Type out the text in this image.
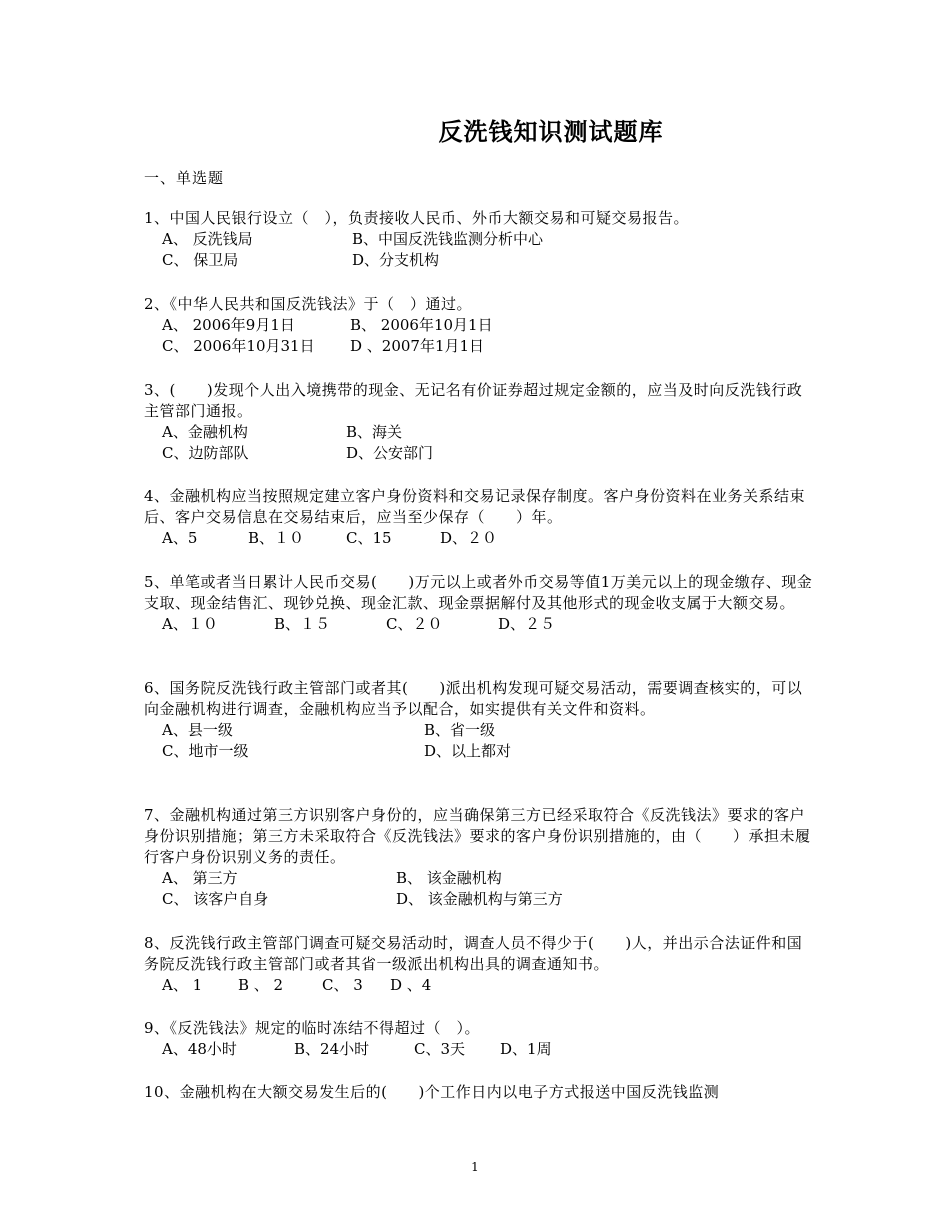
反洗钱知识测试题库
一、单选题
1、中国人民银行设立（　），负责接收人民币、外币大额交易和可疑交易报告。
A、 反洗钱局	B、中国反洗钱监测分析中心
C、 保卫局	D、分支机构
2、《中华人民共和国反洗钱法》于（　）通过。
A、 2006年9月1日	B、 2006年10月1日
C、 2006年10月31日	D 、2007年1月1日
3、(　　)发现个人出入境携带的现金、无记名有价证券超过规定金额的，应当及时向反洗钱行政主管部门通报。
A、金融机构	B、海关
C、边防部队	D、公安部门
4、金融机构应当按照规定建立客户身份资料和交易记录保存制度。客户身份资料在业务关系结束后、客户交易信息在交易结束后，应当至少保存（　　）年。
A、5	B、１０	C、15	D、２０
5、单笔或者当日累计人民币交易(　　)万元以上或者外币交易等值1万美元以上的现金缴存、现金支取、现金结售汇、现钞兑换、现金汇款、现金票据解付及其他形式的现金收支属于大额交易。
A、１０	B、１５	C、２０	D、２５
6、国务院反洗钱行政主管部门或者其(　　)派出机构发现可疑交易活动，需要调查核实的，可以向金融机构进行调查，金融机构应当予以配合，如实提供有关文件和资料。
A、县一级	B、省一级
C、地市一级	D、以上都对
7、金融机构通过第三方识别客户身份的，应当确保第三方已经采取符合《反洗钱法》要求的客户身份识别措施；第三方未采取符合《反洗钱法》要求的客户身份识别措施的，由（　　）承担未履行客户身份识别义务的责任。
A、 第三方	B、 该金融机构
C、 该客户自身	D、 该金融机构与第三方
8、反洗钱行政主管部门调查可疑交易活动时，调查人员不得少于(　　)人，并出示合法证件和国务院反洗钱行政主管部门或者其省一级派出机构出具的调查通知书。
A、 1	B 、 2	C、 3	D 、4
9、《反洗钱法》规定的临时冻结不得超过（　）。
A、48小时	B、24小时	C、3天	D、1周
10、金融机构在大额交易发生后的(　　)个工作日内以电子方式报送中国反洗钱监测
1
